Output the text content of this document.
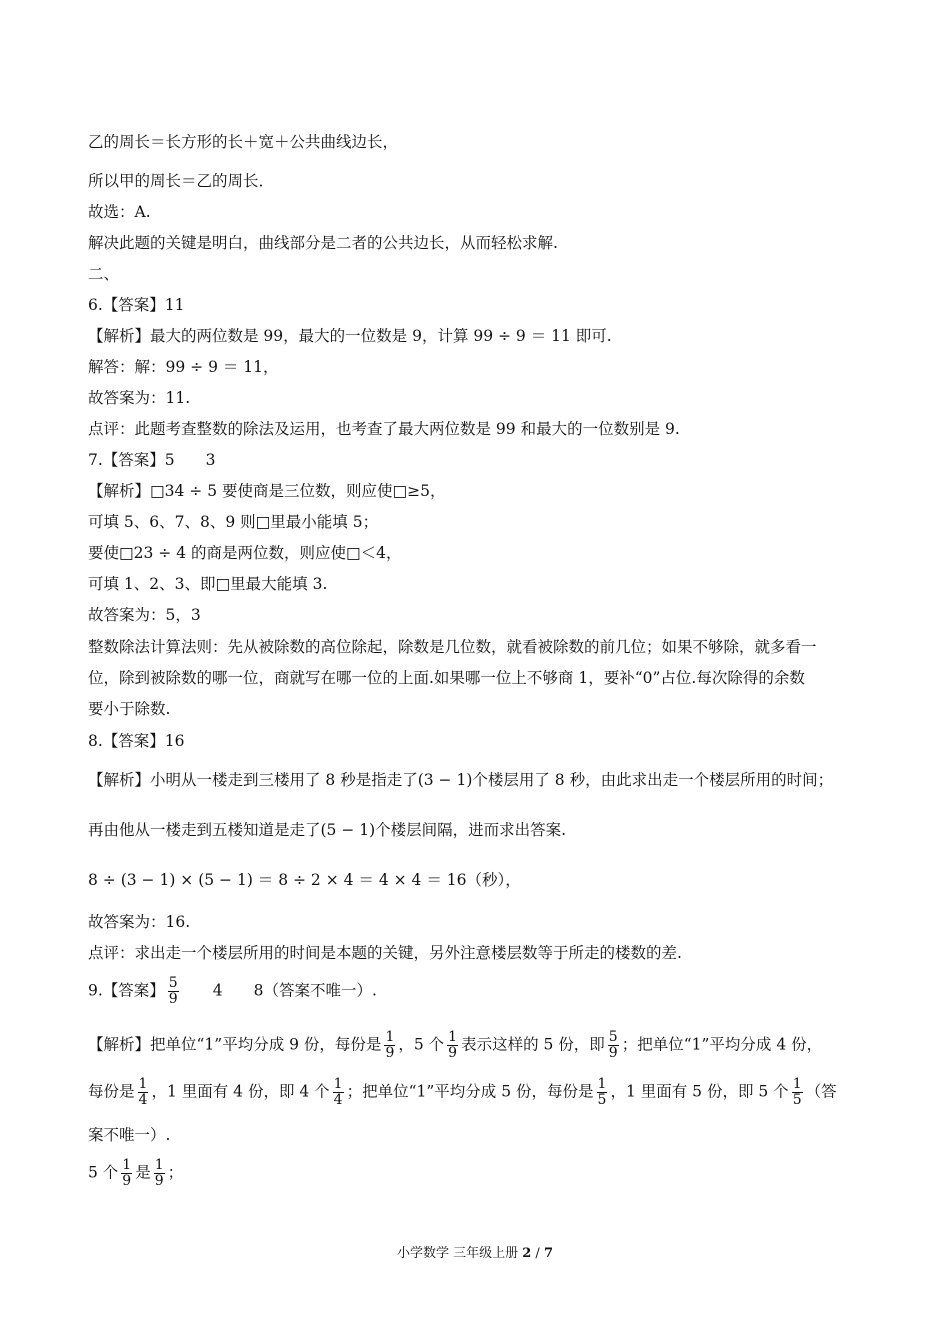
乙的周长＝长方形的长＋宽＋公共曲线边长，
所以甲的周长＝乙的周长．
故选：A.
解决此题的关键是明白，曲线部分是二者的公共边长，从而轻松求解.
二、
6.【答案】11
【解析】最大的两位数是 99，最大的一位数是 9，计算 99 ÷ 9 ＝ 11 即可.
解答：解：99 ÷ 9 ＝ 11，
故答案为：11.
点评：此题考查整数的除法及运用，也考查了最大两位数是 99 和最大的一位数别是 9.
7.【答案】5　　3
【解析】□34 ÷ 5 要使商是三位数，则应使□≥5，
可填 5、6、7、8、9 则□里最小能填 5；
要使□23 ÷ 4 的商是两位数，则应使□＜4，
可填 1、2、3、即□里最大能填 3.
故答案为：5，3
整数除法计算法则：先从被除数的高位除起，除数是几位数，就看被除数的前几位；如果不够除，就多看一
位，除到被除数的哪一位，商就写在哪一位的上面.如果哪一位上不够商 1，要补“0”占位.每次除得的余数
要小于除数.
8.【答案】16
【解析】小明从一楼走到三楼用了 8 秒是指走了(3 − 1)个楼层用了 8 秒，由此求出走一个楼层所用的时间；
再由他从一楼走到五楼知道是走了(5 − 1)个楼层间隔，进而求出答案.
8 ÷ (3 − 1) × (5 − 1) ＝ 8 ÷ 2 × 4 ＝ 4 × 4 ＝ 16（秒），
故答案为：16.
点评：求出走一个楼层所用的时间是本题的关键，另外注意楼层数等于所走的楼数的差.
9.【答案】 $\frac{5}{9}$ 　　4　　8（答案不唯一）.
【解析】把单位“1”平均分成 9 份，每份是 $\frac{1}{9}$ ，5 个 $\frac{1}{9}$ 表示这样的 5 份，即 $\frac{5}{9}$ ；把单位“1”平均分成 4 份，
每份是 $\frac{1}{4}$ ，1 里面有 4 份，即 4 个 $\frac{1}{4}$ ；把单位“1”平均分成 5 份，每份是 $\frac{1}{5}$ ，1 里面有 5 份，即 5 个 $\frac{1}{5}$ （答
案不唯一）.
5 个 $\frac{1}{9}$ 是 $\frac{1}{9}$ ；
小学数学 三年级上册 2 / 7
